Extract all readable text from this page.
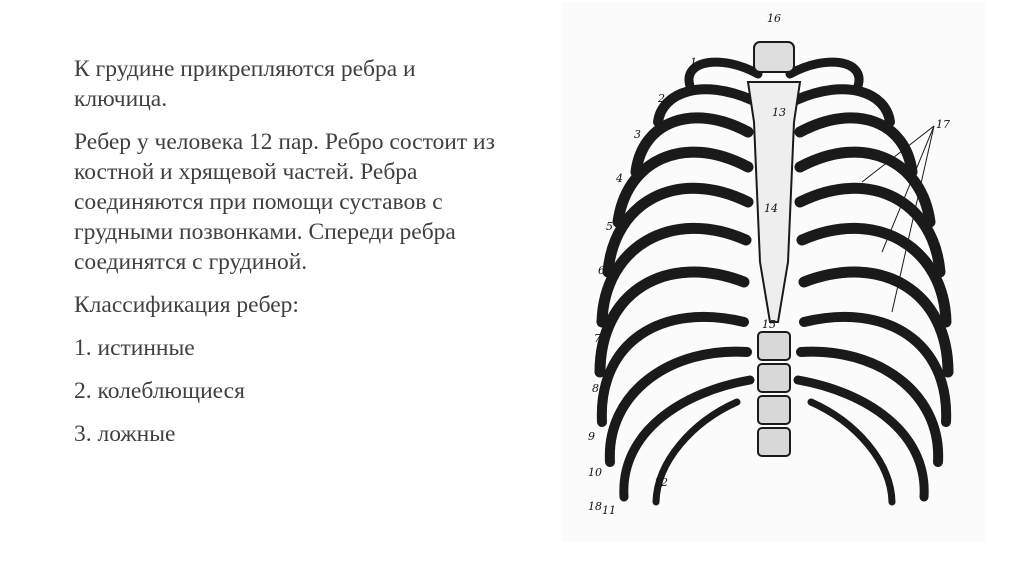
К грудине прикрепляются ребра и ключица.

Ребер у человека 12 пар. Ребро состоит из костной и хрящевой частей. Ребра соединяются при помощи суставов с грудными позвонками. Спереди ребра соединятся с грудиной.

Классификация ребер:

1. истинные

2. колеблющиеся

3. ложные

16
1
2
3
4
5
6
7
8
9
10
11
12
13
14
15
17
18
